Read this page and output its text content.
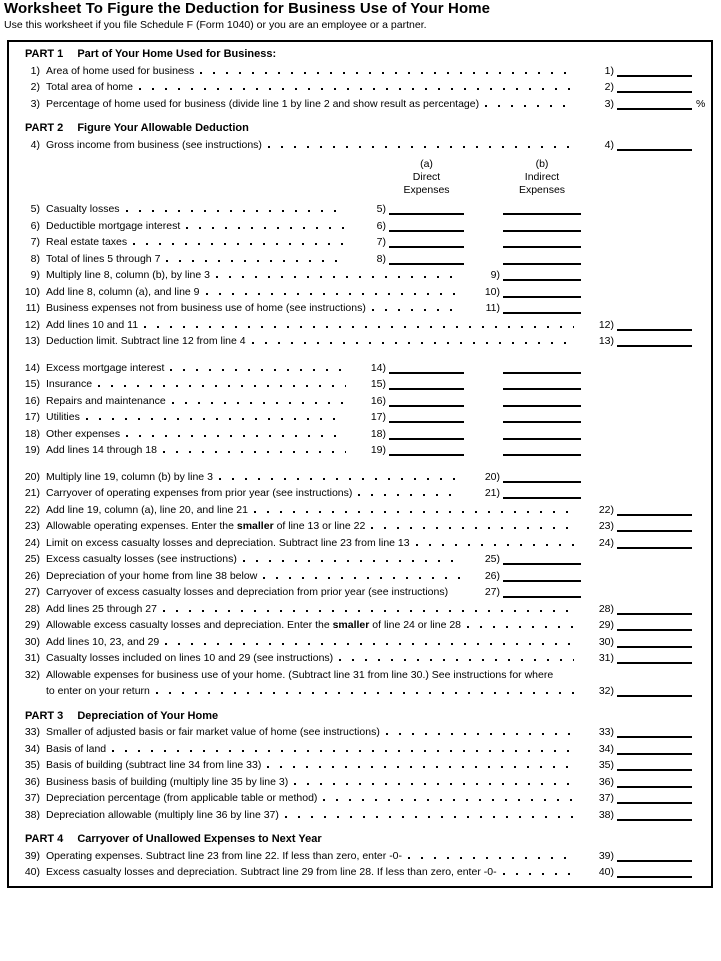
Worksheet To Figure the Deduction for Business Use of Your Home
Use this worksheet if you file Schedule F (Form 1040) or you are an employee or a partner.
PART 1 Part of Your Home Used for Business:
1) Area of home used for business	1)
2) Total area of home	2)
3) Percentage of home used for business (divide line 1 by line 2 and show result as percentage)	3)	%
PART 2 Figure Your Allowable Deduction
4) Gross income from business (see instructions)	4)
(a)
Direct
Expenses
(b)
Indirect
Expenses
5) Casualty losses	5)
6) Deductible mortgage interest	6)
7) Real estate taxes	7)
8) Total of lines 5 through 7	8)
9) Multiply line 8, column (b), by line 3	9)
10) Add line 8, column (a), and line 9	10)
11) Business expenses not from business use of home (see instructions)	11)
12) Add lines 10 and 11	12)
13) Deduction limit. Subtract line 12 from line 4	13)
14) Excess mortgage interest	14)
15) Insurance	15)
16) Repairs and maintenance	16)
17) Utilities	17)
18) Other expenses	18)
19) Add lines 14 through 18	19)
20) Multiply line 19, column (b) by line 3	20)
21) Carryover of operating expenses from prior year (see instructions)	21)
22) Add line 19, column (a), line 20, and line 21	22)
23) Allowable operating expenses. Enter the smaller of line 13 or line 22	23)
24) Limit on excess casualty losses and depreciation. Subtract line 23 from line 13	24)
25) Excess casualty losses (see instructions)	25)
26) Depreciation of your home from line 38 below	26)
27) Carryover of excess casualty losses and depreciation from prior year (see instructions)	27)
28) Add lines 25 through 27	28)
29) Allowable excess casualty losses and depreciation. Enter the smaller of line 24 or line 28	29)
30) Add lines 10, 23, and 29	30)
31) Casualty losses included on lines 10 and 29 (see instructions)	31)
32) Allowable expenses for business use of your home. (Subtract line 31 from line 30.) See instructions for where
to enter on your return	32)
PART 3 Depreciation of Your Home
33) Smaller of adjusted basis or fair market value of home (see instructions)	33)
34) Basis of land	34)
35) Basis of building (subtract line 34 from line 33)	35)
36) Business basis of building (multiply line 35 by line 3)	36)
37) Depreciation percentage (from applicable table or method)	37)
38) Depreciation allowable (multiply line 36 by line 37)	38)
PART 4 Carryover of Unallowed Expenses to Next Year
39) Operating expenses. Subtract line 23 from line 22. If less than zero, enter -0-	39)
40) Excess casualty losses and depreciation. Subtract line 29 from line 28. If less than zero, enter -0-	40)
